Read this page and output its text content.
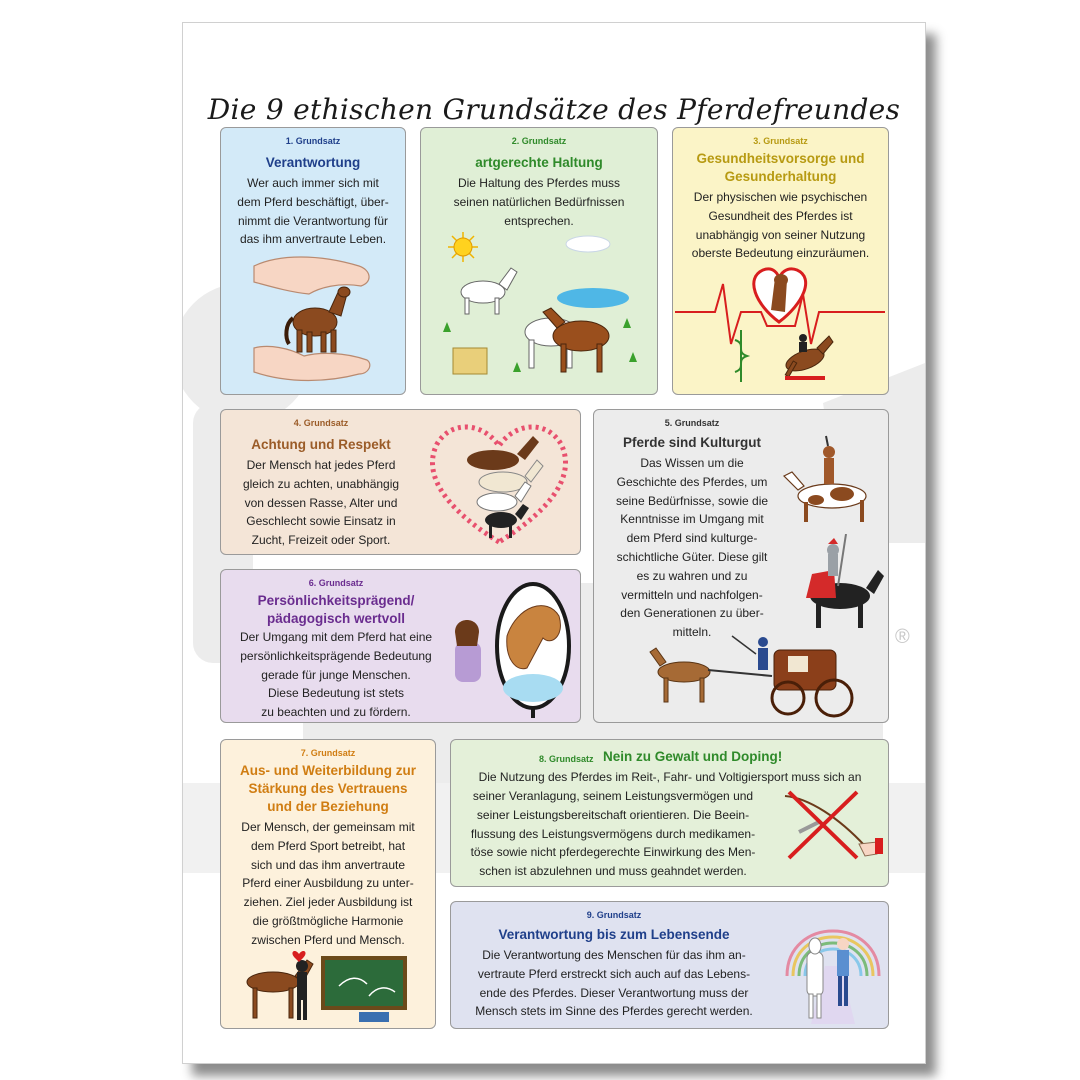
®
Die 9 ethischen Grundsätze des Pferdefreundes
1. Grundsatz
Verantwortung
Wer auch immer sich mit
dem Pferd beschäftigt, über-
nimmt die Verantwortung für
das ihm anvertraute Leben.
2. Grundsatz
artgerechte Haltung
Die Haltung des Pferdes muss
seinen natürlichen Bedürfnissen
entsprechen.
3. Grundsatz
Gesundheitsvorsorge und
Gesunderhaltung
Der physischen wie psychischen
Gesundheit des Pferdes ist
unabhängig von seiner Nutzung
oberste Bedeutung einzuräumen.
4. Grundsatz
Achtung und Respekt
Der Mensch hat jedes Pferd
gleich zu achten, unabhängig
von dessen Rasse, Alter und
Geschlecht sowie Einsatz in
Zucht, Freizeit oder Sport.
5. Grundsatz
Pferde sind Kulturgut
Das Wissen um die
Geschichte des Pferdes, um
seine Bedürfnisse, sowie die
Kenntnisse im Umgang mit
dem Pferd sind kulturge-
schichtliche Güter. Diese gilt
es zu wahren und zu
vermitteln und nachfolgen-
den Generationen zu über-
mitteln.
6. Grundsatz
Persönlichkeitsprägend/
pädagogisch wertvoll
Der Umgang mit dem Pferd hat eine
persönlichkeitsprägende Bedeutung
gerade für junge Menschen.
Diese Bedeutung ist stets
zu beachten und zu fördern.
7. Grundsatz
Aus- und Weiterbildung zur
Stärkung des Vertrauens
und der Beziehung
Der Mensch, der gemeinsam mit
dem Pferd Sport betreibt, hat
sich und das ihm anvertraute
Pferd einer Ausbildung zu unter-
ziehen. Ziel jeder Ausbildung ist
die größtmögliche Harmonie
zwischen Pferd und Mensch.
8. Grundsatz Nein zu Gewalt und Doping!
Die Nutzung des Pferdes im Reit-, Fahr- und Voltigiersport muss sich an
seiner Veranlagung, seinem Leistungsvermögen und
seiner Leistungsbereitschaft orientieren. Die Beein-
flussung des Leistungsvermögens durch medikamen-
töse sowie nicht pferdegerechte Einwirkung des Men-
schen ist abzulehnen und muss geahndet werden.
9. Grundsatz
Verantwortung bis zum Lebensende
Die Verantwortung des Menschen für das ihm an-
vertraute Pferd erstreckt sich auch auf das Lebens-
ende des Pferdes. Dieser Verantwortung muss der
Mensch stets im Sinne des Pferdes gerecht werden.
